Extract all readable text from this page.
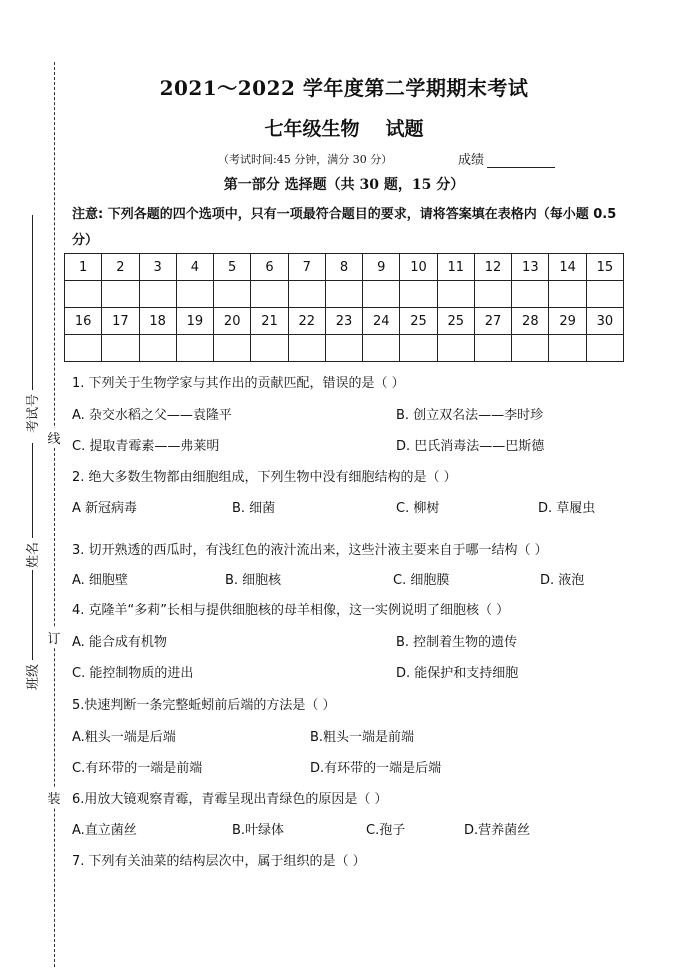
线
订
装
考试号
姓名
班级
2021～2022 学年度第二学期期末考试
七年级生物 试题
（考试时间:45 分钟，满分 30 分）	成绩
第一部分 选择题（共 30 题，15 分）
注意: 下列各题的四个选项中，只有一项最符合题目的要求，请将答案填在表格内（每小题 0.5 分）
1	2	3	4	5	6	7	8	9	10	11	12	13	14	15

16	17	18	19	20	21	22	23	24	25	25	27	28	29	30

1. 下列关于生物学家与其作出的贡献匹配，错误的是（ ）
A. 杂交水稻之父——袁隆平	B. 创立双名法——李时珍
C. 提取青霉素——弗莱明	D. 巴氏消毒法——巴斯德
2. 绝大多数生物都由细胞组成，下列生物中没有细胞结构的是（ ）
A 新冠病毒	B. 细菌	C. 柳树	D. 草履虫
3. 切开熟透的西瓜时，有浅红色的液汁流出来，这些汁液主要来自于哪一结构（ ）
A. 细胞壁	B. 细胞核	C. 细胞膜	D. 液泡
4. 克隆羊“多莉”长相与提供细胞核的母羊相像，这一实例说明了细胞核（ ）
A. 能合成有机物	B. 控制着生物的遗传
C. 能控制物质的进出	D. 能保护和支持细胞
5.快速判断一条完整蚯蚓前后端的方法是（ ）
A.粗头一端是后端	B.粗头一端是前端
C.有环带的一端是前端	D.有环带的一端是后端
6.用放大镜观察青霉，青霉呈现出青绿色的原因是（ ）
A.直立菌丝	B.叶绿体	C.孢子	D.营养菌丝
7. 下列有关油菜的结构层次中，属于组织的是（ ）
